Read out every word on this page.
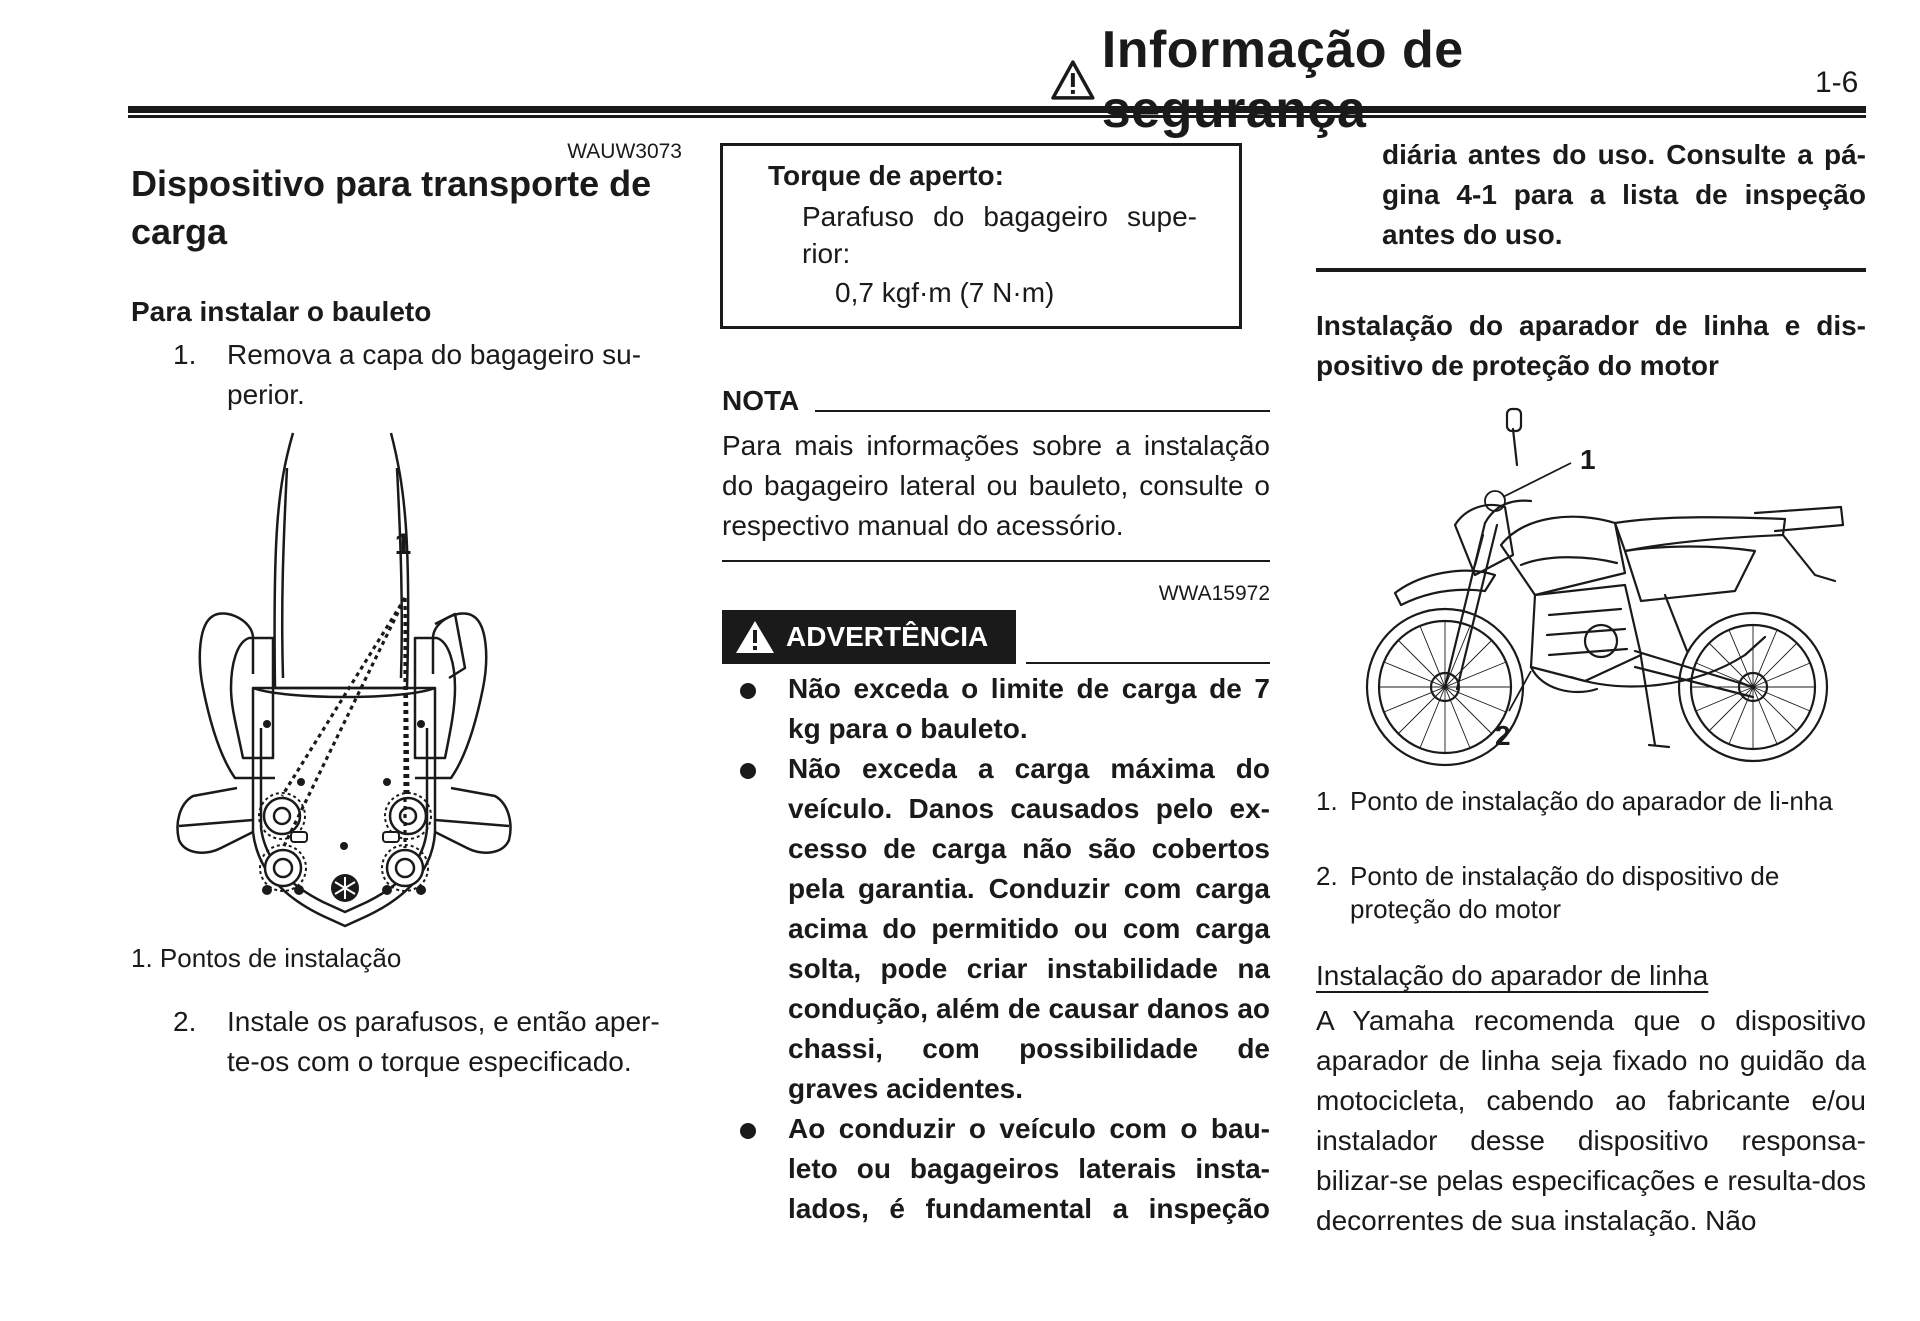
Informação de
1-6
WAUW3073
Dispositivo para transporte de carga
Para instalar o bauleto
1.	Remova a capa do bagageiro su-
perior.
1
1. Pontos de instalação
2.	Instale os parafusos, e então aper-
te-os com o torque especificado.
Torque de aperto:
Parafuso do bagageiro supe-
rior:
0,7 kgf·m (7 N·m)
NOTA
Para mais informações sobre a instalação do bagageiro lateral ou bauleto, consulte o respectivo manual do acessório.
WWA15972
ADVERTÊNCIA
Não exceda o limite de carga de 7 kg para o bauleto.
Não exceda a carga máxima do veículo. Danos causados pelo ex-cesso de carga não são cobertos pela garantia. Conduzir com carga acima do permitido ou com carga solta, pode criar instabilidade na condução, além de causar danos ao chassi, com possibilidade de graves acidentes.
Ao conduzir o veículo com o bau-leto ou bagageiros laterais insta-lados, é fundamental a inspeção
diária antes do uso. Consulte a pá-gina 4-1 para a lista de inspeção antes do uso.
Instalação do aparador de linha e dis-positivo de proteção do motor
1
2
1. Ponto de instalação do aparador de li-nha
2. Ponto de instalação do dispositivo de proteção do motor
Instalação do aparador de linha
A Yamaha recomenda que o dispositivo aparador de linha seja fixado no guidão da motocicleta, cabendo ao fabricante e/ou instalador desse dispositivo responsa-bilizar-se pelas especificações e resulta-dos decorrentes de sua instalação. Não
